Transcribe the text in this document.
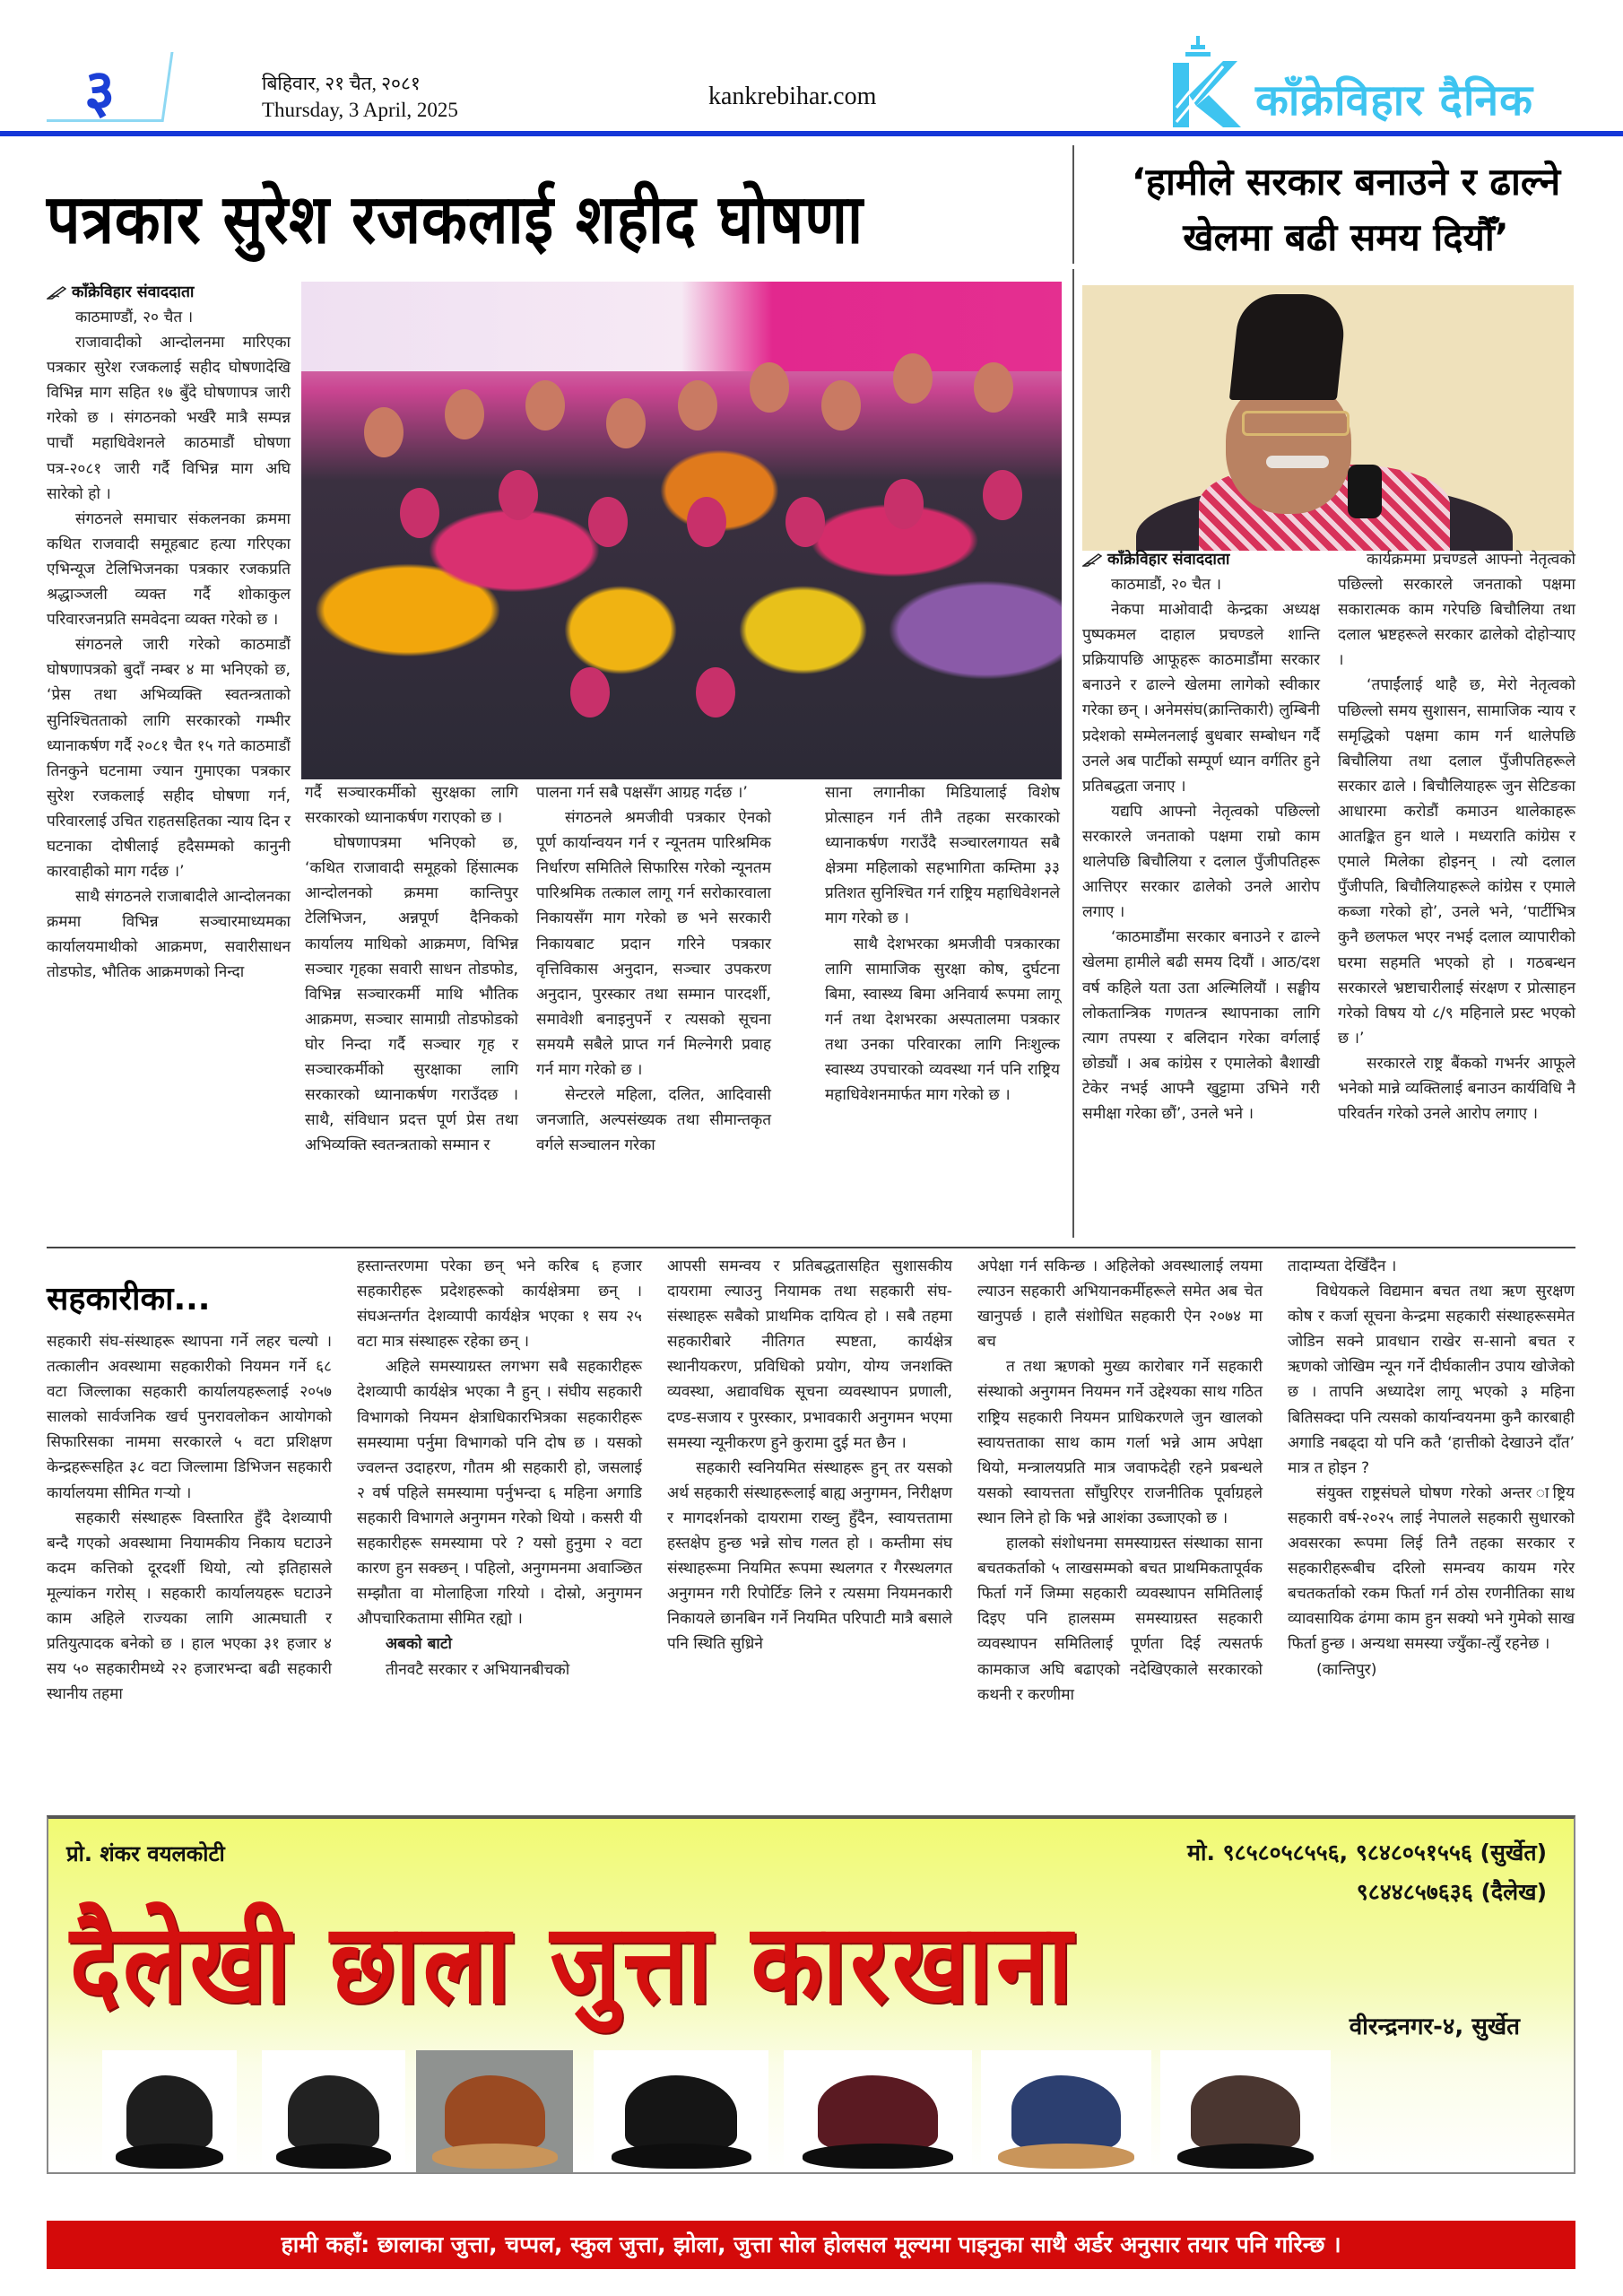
३	बिहिवार, २१ चैत, २०८१
Thursday, 3 April, 2025	kankrebihar.com	काँक्रेविहार दैनिक
पत्रकार सुरेश रजकलाई शहीद घोषणा	‘हामीले सरकार बनाउने र ढाल्ने खेलमा बढी समय दियौँ’
काँक्रेविहार संवाददाता

काठमाण्डौं, २० चैत ।

राजावादीको आन्दोलनमा मारिएका पत्रकार सुरेश रजकलाई सहीद घोषणादेखि विभिन्न माग सहित १७ बुँदे घोषणापत्र जारी गरेको छ । संगठनको भर्खरै मात्रै सम्पन्न पाचौं महाधिवेशनले काठमाडौं घोषणा पत्र-२०८१ जारी गर्दै विभिन्न माग अघि सारेको हो ।

संगठनले समाचार संकलनका क्रममा कथित राजवादी समूहबाट हत्या गरिएका एभिन्यूज टेलिभिजनका पत्रकार रजकप्रति श्रद्धाञ्जली व्यक्त गर्दै शोकाकुल परिवारजनप्रति समवेदना व्यक्त गरेको छ ।

संगठनले जारी गरेको काठमाडौं घोषणापत्रको बुदाँ नम्बर ४ मा भनिएको छ, ‘प्रेस तथा अभिव्यक्ति स्वतन्त्रताको सुनिश्चितताको लागि सरकारको गम्भीर ध्यानाकर्षण गर्दै २०८१ चैत १५ गते काठमाडौं तिनकुने घटनामा ज्यान गुमाएका पत्रकार सुरेश रजकलाई सहीद घोषणा गर्न, परिवारलाई उचित राहतसहितका न्याय दिन र घटनाका दोषीलाई हदैसम्मको कानुनी कारवाहीको माग गर्दछ ।’

साथै संगठनले राजाबादीले आन्दोलनका क्रममा विभिन्न सञ्चारमाध्यमका कार्यालयमाथीको आक्रमण, सवारीसाधन तोडफोड, भौतिक आक्रमणको निन्दा

गर्दै सञ्चारकर्मीको सुरक्षका लागि सरकारको ध्यानाकर्षण गराएको छ ।

घोषणापत्रमा भनिएको छ, ‘कथित राजावादी समूहको हिंसात्मक आन्दोलनको क्रममा कान्तिपुर टेलिभिजन, अन्नपूर्ण दैनिकको कार्यालय माथिको आक्रमण, विभिन्न सञ्चार गृहका सवारी साधन तोडफोड, विभिन्न सञ्चारकर्मी माथि भौतिक आक्रमण, सञ्चार सामाग्री तोडफोडको घोर निन्दा गर्दै सञ्चार गृह र सञ्चारकर्मीको सुरक्षाका लागि सरकारको ध्यानाकर्षण गराउँदछ । साथै, संविधान प्रदत्त पूर्ण प्रेस तथा अभिव्यक्ति स्वतन्त्रताको सम्मान र

पालना गर्न सबै पक्षसँग आग्रह गर्दछ ।’

संगठनले श्रमजीवी पत्रकार ऐनको पूर्ण कार्यान्वयन गर्न र न्यूनतम पारिश्रमिक निर्धारण समितिले सिफारिस गरेको न्यूनतम पारिश्रमिक तत्काल लागू गर्न सरोकारवाला निकायसँग माग गरेको छ भने सरकारी निकायबाट प्रदान गरिने पत्रकार वृत्तिविकास अनुदान, सञ्चार उपकरण अनुदान, पुरस्कार तथा सम्मान पारदर्शी, समावेशी बनाइनुपर्ने र त्यसको सूचना समयमै सबैले प्राप्त गर्न मिल्नेगरी प्रवाह गर्न माग गरेको छ ।

सेन्टरले महिला, दलित, आदिवासी जनजाति, अल्पसंख्यक तथा सीमान्तकृत वर्गले सञ्चालन गरेका

साना लगानीका मिडियालाई विशेष प्रोत्साहन गर्न तीनै तहका सरकारको ध्यानाकर्षण गराउँदै सञ्चारलगायत सबै क्षेत्रमा महिलाको सहभागिता कम्तिमा ३३ प्रतिशत सुनिश्चित गर्न राष्ट्रिय महाधिवेशनले माग गरेको छ ।

साथै देशभरका श्रमजीवी पत्रकारका लागि सामाजिक सुरक्षा कोष, दुर्घटना बिमा, स्वास्थ्य बिमा अनिवार्य रूपमा लागू गर्न तथा देशभरका अस्पतालमा पत्रकार तथा उनका परिवारका लागि निःशुल्क स्वास्थ्य उपचारको व्यवस्था गर्न पनि राष्ट्रिय महाधिवेशनमार्फत माग गरेको छ ।

काँक्रेविहार संवाददाता

काठमाडौं, २० चैत ।

नेकपा माओवादी केन्द्रका अध्यक्ष पुष्पकमल दाहाल प्रचण्डले शान्ति प्रक्रियापछि आफूहरू काठमाडौंमा सरकार बनाउने र ढाल्ने खेलमा लागेको स्वीकार गरेका छन् । अनेमसंघ(क्रान्तिकारी) लुम्बिनी प्रदेशको सम्मेलनलाई बुधबार सम्बोधन गर्दै उनले अब पार्टीको सम्पूर्ण ध्यान वर्गतिर हुने प्रतिबद्धता जनाए ।

यद्यपि आफ्नो नेतृत्वको पछिल्लो सरकारले जनताको पक्षमा राम्रो काम थालेपछि बिचौलिया र दलाल पुँजीपतिहरू आत्तिएर सरकार ढालेको उनले आरोप लगाए ।

‘काठमाडौंमा सरकार बनाउने र ढाल्ने खेलमा हामीले बढी समय दियौं । आठ/दश वर्ष कहिले यता उता अल्मिलियौं । सङ्घीय लोकतान्त्रिक गणतन्त्र स्थापनाका लागि त्याग तपस्या र बलिदान गरेका वर्गलाई छोड्यौं । अब कांग्रेस र एमालेको बैशाखी टेकेर नभई आफ्नै खुट्टामा उभिने गरी समीक्षा गरेका छौं’, उनले भने ।

कार्यक्रममा प्रचण्डले आफ्नो नेतृत्वको पछिल्लो सरकारले जनताको पक्षमा सकारात्मक काम गरेपछि बिचौलिया तथा दलाल भ्रष्टहरूले सरकार ढालेको दोहोऱ्याए ।

‘तपाईंलाई थाहै छ, मेरो नेतृत्वको पछिल्लो समय सुशासन, सामाजिक न्याय र समृद्धिको पक्षमा काम गर्न थालेपछि बिचौलिया तथा दलाल पुँजीपतिहरूले सरकार ढाले । बिचौलियाहरू जुन सेटिङका आधारमा करोडौं कमाउन थालेकाहरू आतङ्कित हुन थाले । मध्यराति कांग्रेस र एमाले मिलेका होइनन् । त्यो दलाल पुँजीपति, बिचौलियाहरूले कांग्रेस र एमाले कब्जा गरेको हो’, उनले भने, ‘पार्टीभित्र कुनै छलफल भएर नभई दलाल व्यापारीको घरमा सहमति भएको हो । गठबन्धन सरकारले भ्रष्टाचारीलाई संरक्षण र प्रोत्साहन गरेको विषय यो ८/९ महिनाले प्रस्ट भएको छ ।’

सरकारले राष्ट्र बैंकको गभर्नर आफूले भनेको मान्ने व्यक्तिलाई बनाउन कार्यविधि नै परिवर्तन गरेको उनले आरोप लगाए ।

सहकारीका...

सहकारी संघ-संस्थाहरू स्थापना गर्ने लहर चल्यो । तत्कालीन अवस्थामा सहकारीको नियमन गर्ने ६८ वटा जिल्लाका सहकारी कार्यालयहरूलाई २०५७ सालको सार्वजनिक खर्च पुनरावलोकन आयोगको सिफारिसका नाममा सरकारले ५ वटा प्रशिक्षण केन्द्रहरूसहित ३८ वटा जिल्लामा डिभिजन सहकारी कार्यालयमा सीमित गऱ्यो ।

सहकारी संस्थाहरू विस्तारित हुँदै देशव्यापी बन्दै गएको अवस्थामा नियामकीय निकाय घटाउने कदम कत्तिको दूरदर्शी थियो, त्यो इतिहासले मूल्यांकन गरोस् । सहकारी कार्यालयहरू घटाउने काम अहिले राज्यका लागि आत्मघाती र प्रतियुत्पादक बनेको छ । हाल भएका ३१ हजार ४ सय ५० सहकारीमध्ये २२ हजारभन्दा बढी सहकारी स्थानीय तहमा

हस्तान्तरणमा परेका छन् भने करिब ६ हजार सहकारीहरू प्रदेशहरूको कार्यक्षेत्रमा छन् । संघअन्तर्गत देशव्यापी कार्यक्षेत्र भएका १ सय २५ वटा मात्र संस्थाहरू रहेका छन् ।

अहिले समस्याग्रस्त लगभग सबै सहकारीहरू देशव्यापी कार्यक्षेत्र भएका नै हुन् । संघीय सहकारी विभागको नियमन क्षेत्राधिकारभित्रका सहकारीहरू समस्यामा पर्नुमा विभागको पनि दोष छ । यसको ज्वलन्त उदाहरण, गौतम श्री सहकारी हो, जसलाई २ वर्ष पहिले समस्यामा पर्नुभन्दा ६ महिना अगाडि सहकारी विभागले अनुगमन गरेको थियो । कसरी यी सहकारीहरू समस्यामा परे ? यसो हुनुमा २ वटा कारण हुन सक्छन् । पहिलो, अनुगमनमा अवाञ्छित सम्झौता वा मोलाहिजा गरियो । दोस्रो, अनुगमन औपचारिकतामा सीमित रह्यो ।

अबको बाटो

तीनवटै सरकार र अभियानबीचको

आपसी समन्वय र प्रतिबद्धतासहित सुशासकीय दायरामा ल्याउनु नियामक तथा सहकारी संघ-संस्थाहरू सबैको प्राथमिक दायित्व हो । सबै तहमा सहकारीबारे नीतिगत स्पष्टता, कार्यक्षेत्र स्थानीयकरण, प्रविधिको प्रयोग, योग्य जनशक्ति व्यवस्था, अद्यावधिक सूचना व्यवस्थापन प्रणाली, दण्ड-सजाय र पुरस्कार, प्रभावकारी अनुगमन भएमा समस्या न्यूनीकरण हुने कुरामा दुई मत छैन ।

सहकारी स्वनियमित संस्थाहरू हुन् तर यसको अर्थ सहकारी संस्थाहरूलाई बाह्य अनुगमन, निरीक्षण र मागदर्शनको दायरामा राख्नु हुँदैन, स्वायत्ततामा हस्तक्षेप हुन्छ भन्ने सोच गलत हो । कम्तीमा संघ संस्थाहरूमा नियमित रूपमा स्थलगत र गैरस्थलगत अनुगमन गरी रिपोर्टिङ लिने र त्यसमा नियमनकारी निकायले छानबिन गर्ने नियमित परिपाटी मात्रै बसाले पनि स्थिति सुध्रिने

अपेक्षा गर्न सकिन्छ । अहिलेको अवस्थालाई लयमा ल्याउन सहकारी अभियानकर्मीहरूले समेत अब चेत खानुपर्छ । हालै संशोधित सहकारी ऐन २०७४ मा बच

त तथा ऋणको मुख्य कारोबार गर्ने सहकारी संस्थाको अनुगमन नियमन गर्ने उद्देश्यका साथ गठित राष्ट्रिय सहकारी नियमन प्राधिकरणले जुन खालको स्वायत्तताका साथ काम गर्ला भन्ने आम अपेक्षा थियो, मन्त्रालयप्रति मात्र जवाफदेही रहने प्रबन्धले यसको स्वायत्तता साँघुरिएर राजनीतिक पूर्वाग्रहले स्थान लिने हो कि भन्ने आशंका उब्जाएको छ ।

हालको संशोधनमा समस्याग्रस्त संस्थाका साना बचतकर्ताको ५ लाखसम्मको बचत प्राथमिकतापूर्वक फिर्ता गर्ने जिम्मा सहकारी व्यवस्थापन समितिलाई दिइए पनि हालसम्म समस्याग्रस्त सहकारी व्यवस्थापन समितिलाई पूर्णता दिई त्यसतर्फ कामकाज अघि बढाएको नदेखिएकाले सरकारको कथनी र करणीमा

तादाम्यता देखिँदैन ।

विधेयकले विद्यमान बचत तथा ऋण सुरक्षण कोष र कर्जा सूचना केन्द्रमा सहकारी संस्थाहरूसमेत जोडिन सक्ने प्रावधान राखेर स-सानो बचत र ऋणको जोखिम न्यून गर्ने दीर्घकालीन उपाय खोजेको छ । तापनि अध्यादेश लागू भएको ३ महिना बितिसक्दा पनि त्यसको कार्यान्वयनमा कुनै कारबाही अगाडि नबढ्दा यो पनि कतै ‘हात्तीको देखाउने दाँत’ मात्र त होइन ?

संयुक्त राष्ट्रसंघले घोषण गरेको अन्तर ाष्ट्रिय सहकारी वर्ष-२०२५ लाई नेपालले सहकारी सुधारको अवसरका रूपमा लिई तिनै तहका सरकार र सहकारीहरूबीच दरिलो समन्वय कायम गरेर बचतकर्ताको रकम फिर्ता गर्न ठोस रणनीतिका साथ व्यावसायिक ढंगमा काम हुन सक्यो भने गुमेको साख फिर्ता हुन्छ । अन्यथा समस्या ज्युँका-त्युँ रहनेछ ।

(कान्तिपुर)

प्रो. शंकर वयलकोटी	मो. ९८५८०५८५५६, ९८४८०५१५५६ (सुर्खेत)
९८४४८५७६३६ (दैलेख)
दैलेखी छाला जुत्ता कारखाना	वीरन्द्रनगर-४, सुर्खेत
हामी कहाँ: छालाका जुत्ता, चप्पल, स्कुल जुत्ता, झोला, जुत्ता सोल होलसल मूल्यमा पाइनुका साथै अर्डर अनुसार तयार पनि गरिन्छ ।
